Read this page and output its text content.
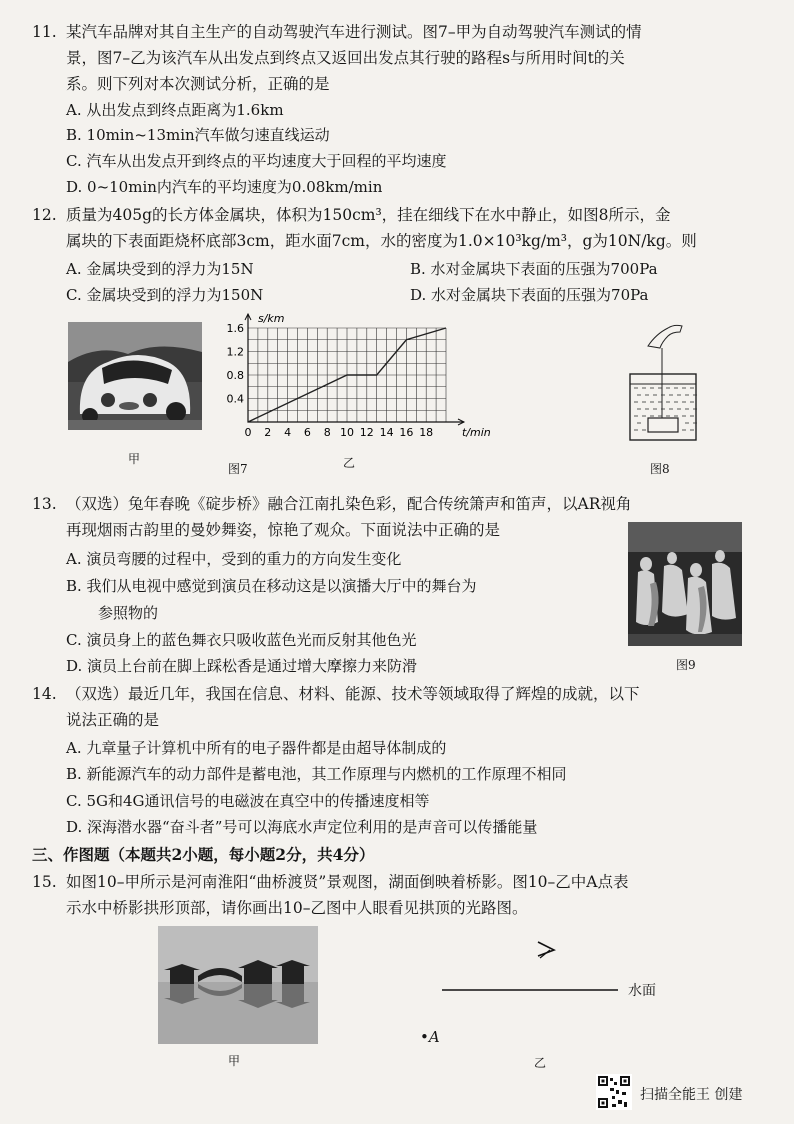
11. 某汽车品牌对其自主生产的自动驾驶汽车进行测试。图7–甲为自动驾驶汽车测试的情
景，图7–乙为该汽车从出发点到终点又返回出发点其行驶的路程s与所用时间t的关
系。则下列对本次测试分析，正确的是
A. 从出发点到终点距离为1.6km
B. 10min~13min汽车做匀速直线运动
C. 汽车从出发点开到终点的平均速度大于回程的平均速度
D. 0~10min内汽车的平均速度为0.08km/min
12. 质量为405g的长方体金属块，体积为150cm³，挂在细线下在水中静止，如图8所示，金
属块的下表面距烧杯底部3cm，距水面7cm，水的密度为1.0×10³kg/m³，g为10N/kg。则
A. 金属块受到的浮力为15N	B. 水对金属块下表面的压强为700Pa
C. 金属块受到的浮力为150N	D. 水对金属块下表面的压强为70Pa
甲
图7	乙
1.6
1.2
0.8
0.4
0 2 4 6 8 10 12 14 16 18
s/km
t/min
图8
13. （双选）兔年春晚《碇步桥》融合江南扎染色彩，配合传统箫声和笛声，以AR视角
再现烟雨古韵里的曼妙舞姿，惊艳了观众。下面说法中正确的是
A. 演员弯腰的过程中，受到的重力的方向发生变化
B. 我们从电视中感觉到演员在移动这是以演播大厅中的舞台为
参照物的
C. 演员身上的蓝色舞衣只吸收蓝色光而反射其他色光
D. 演员上台前在脚上踩松香是通过增大摩擦力来防滑	图9
14. （双选）最近几年，我国在信息、材料、能源、技术等领域取得了辉煌的成就，以下
说法正确的是
A. 九章量子计算机中所有的电子器件都是由超导体制成的
B. 新能源汽车的动力部件是蓄电池，其工作原理与内燃机的工作原理不相同
C. 5G和4G通讯信号的电磁波在真空中的传播速度相等
D. 深海潜水器“奋斗者”号可以海底水声定位利用的是声音可以传播能量
三、作图题（本题共2小题，每小题2分，共4分）
15. 如图10–甲所示是河南淮阳“曲桥渡贤”景观图，湖面倒映着桥影。图10–乙中A点表
示水中桥影拱形顶部，请你画出10–乙图中人眼看见拱顶的光路图。
甲
水面
•A
乙
扫描全能王 创建
